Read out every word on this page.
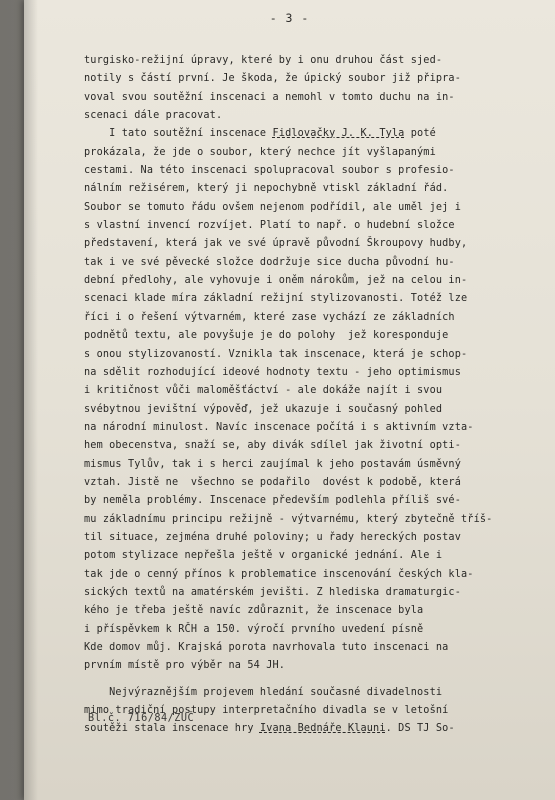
- 3 -
turgisko-režijní úpravy, které by i onu druhou část sjed-
notily s částí první. Je škoda, že úpický soubor již připra-
voval svou soutěžní inscenaci a nemohl v tomto duchu na in-
scenaci dále pracovat.
I tato soutěžní inscenace Fidlovačky J. K. Tyla poté
prokázala, že jde o soubor, který nechce jít vyšlapanými
cestami. Na této inscenaci spolupracoval soubor s profesio-
nálním režisérem, který ji nepochybně vtiskl základní řád.
Soubor se tomuto řádu ovšem nejenom podřídil, ale uměl jej i
s vlastní invencí rozvíjet. Platí to např. o hudební složce
představení, která jak ve své úpravě původní Škroupovy hudby,
tak i ve své pěvecké složce dodržuje sice ducha původní hu-
dební předlohy, ale vyhovuje i oněm nárokům, jež na celou in-
scenaci klade míra základní režijní stylizovanosti. Totéž lze
říci i o řešení výtvarném, které zase vychází ze základních
podnětů textu, ale povyšuje je do polohy  jež koresponduje
s onou stylizovaností. Vznikla tak inscenace, která je schop-
na sdělit rozhodující ideové hodnoty textu - jeho optimismus
i kritičnost vůči maloměšťáctví - ale dokáže najít i svou
svébytnou jevištní výpověď, jež ukazuje i současný pohled
na národní minulost. Navíc inscenace počítá i s aktivním vzta-
hem obecenstva, snaží se, aby divák sdílel jak životní opti-
mismus Tylův, tak i s herci zaujímal k jeho postavám úsměvný
vztah. Jistě ne  všechno se podařilo  dovést k podobě, která
by neměla problémy. Inscenace především podlehla příliš své-
mu základnímu principu režijně - výtvarnému, který zbytečně tříš-
til situace, zejména druhé poloviny; u řady hereckých postav
potom stylizace nepřešla ještě v organické jednání. Ale i
tak jde o cenný přínos k problematice inscenování českých kla-
sických textů na amatérském jevišti. Z hlediska dramaturgic-
kého je třeba ještě navíc zdůraznit, že inscenace byla
i příspěvkem k RČH a 150. výročí prvního uvedení písně
Kde domov můj. Krajská porota navrhovala tuto inscenaci na
prvním místě pro výběr na 54 JH.
Nejvýraznějším projevem hledání současné divadelnosti
mimo tradiční postupy interpretačního divadla se v letošní
soutěži stala inscenace hry Ivana Bednáře Klauni. DS TJ So-
Bl.č. 716/84/ZUČ
